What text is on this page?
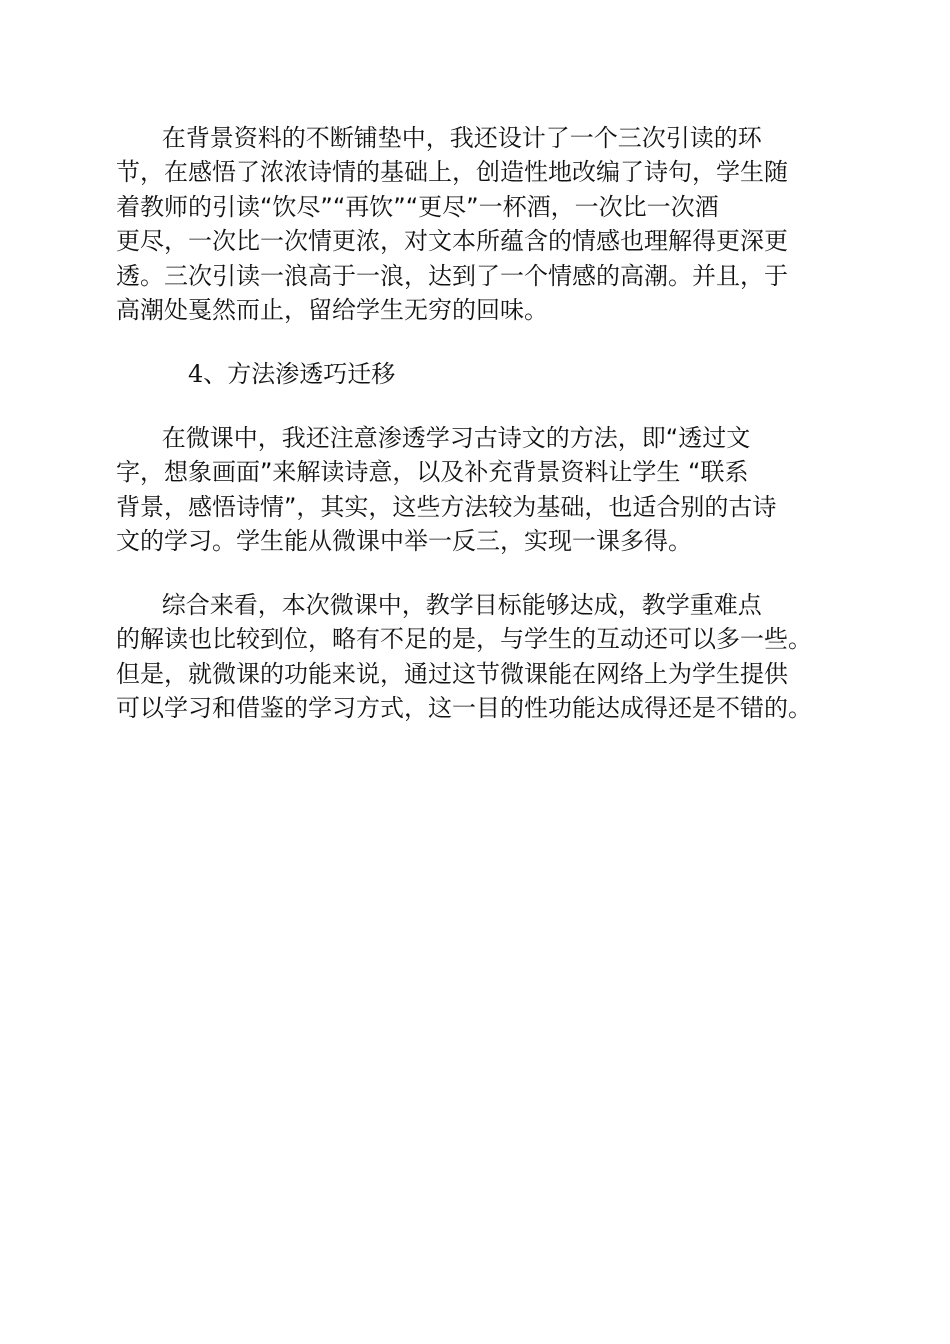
在背景资料的不断铺垫中，我还设计了一个三次引读的环
节，在感悟了浓浓诗情的基础上，创造性地改编了诗句，学生随
着教师的引读“饮尽”“再饮”“更尽”一杯酒，一次比一次酒
更尽，一次比一次情更浓，对文本所蕴含的情感也理解得更深更
透。三次引读一浪高于一浪，达到了一个情感的高潮。并且，于
高潮处戛然而止，留给学生无穷的回味。
4、方法渗透巧迁移
在微课中，我还注意渗透学习古诗文的方法，即“透过文
字，想象画面”来解读诗意，以及补充背景资料让学生 “联系
背景，感悟诗情”，其实，这些方法较为基础，也适合别的古诗
文的学习。学生能从微课中举一反三，实现一课多得。
综合来看，本次微课中，教学目标能够达成，教学重难点
的解读也比较到位，略有不足的是，与学生的互动还可以多一些。
但是，就微课的功能来说，通过这节微课能在网络上为学生提供
可以学习和借鉴的学习方式，这一目的性功能达成得还是不错的。
